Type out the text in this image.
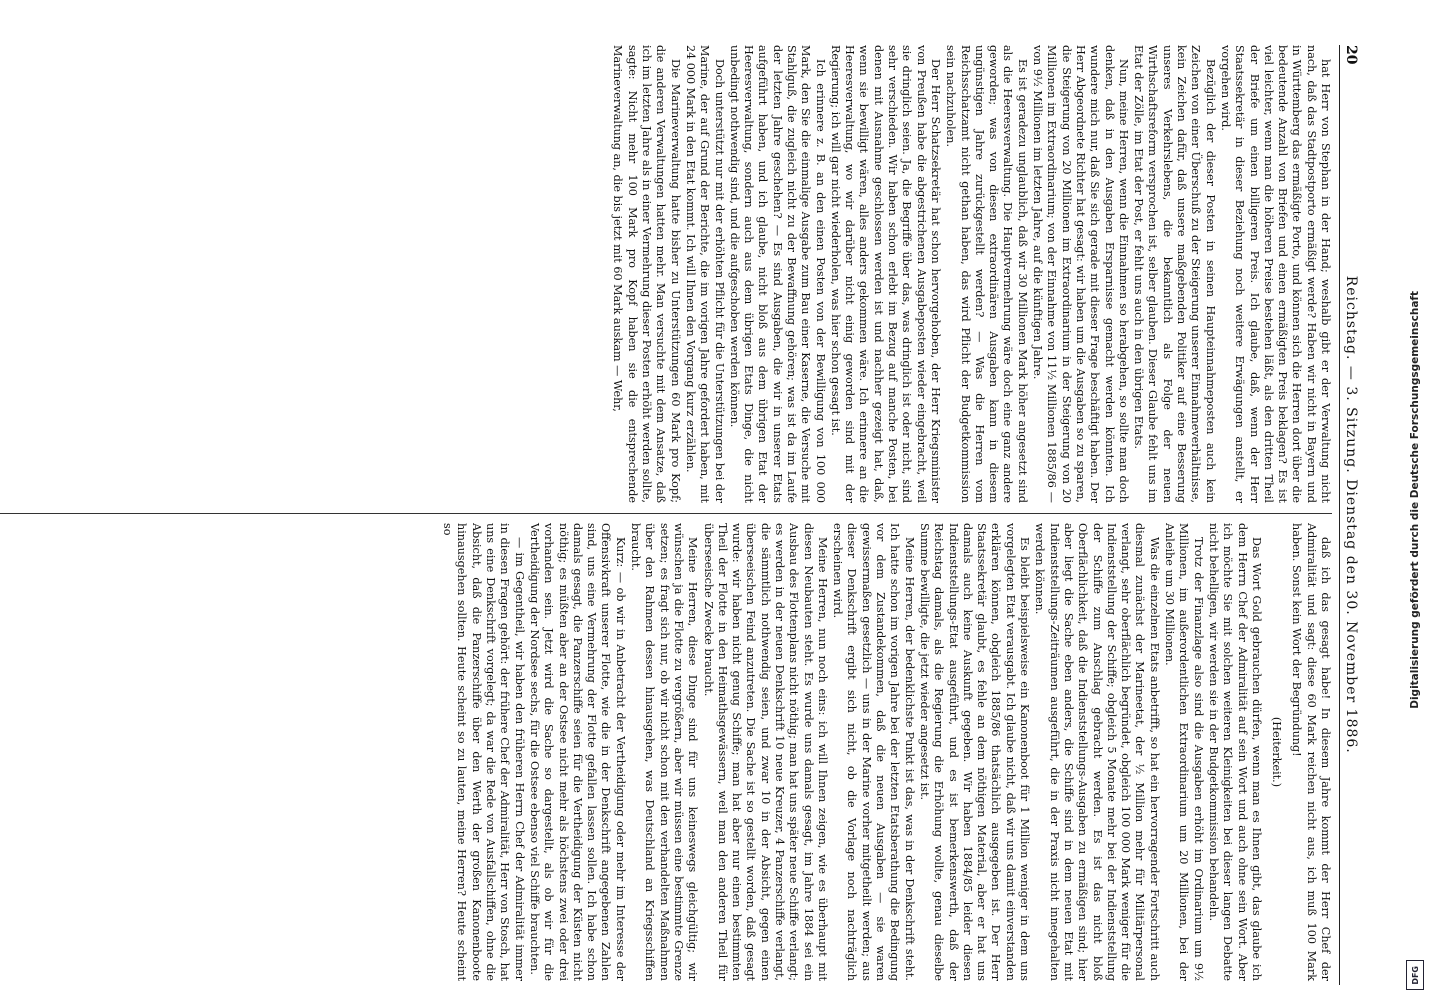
20
Reichstag. — 3. Sitzung. Dienstag den 30. November 1886.

hat Herr von Stephan in der Hand; weshalb gibt er der Verwaltung nicht nach, daß das Stadtpostporto ermäßigt werde? Haben wir nicht in Bayern und in Württemberg das ermäßigte Porto, und können sich die Herren dort über die bedeutende Anzahl von Briefen und einen ermäßigten Preis beklagen? Es ist viel leichter, wenn man die höheren Preise bestehen läßt, als den dritten Theil der Briefe um einen billigeren Preis. Ich glaube, daß, wenn der Herr Staatssekretär in dieser Beziehung noch weitere Erwägungen anstellt, er vorgehen wird.

Bezüglich der dieser Posten in seinen Haupteinnahmeposten auch kein Zeichen von einer Überschuß zu der Steigerung unserer Einnahmeverhältnisse, kein Zeichen dafür, daß unsere maßgebenden Politiker auf eine Besserung unseres Verkehrslebens, die bekanntlich als Folge der neuen Wirthschaftsreform versprochen ist, selber glauben. Dieser Glaube fehlt uns im Etat der Zölle, im Etat der Post, er fehlt uns auch in den übrigen Etats.

Nun, meine Herren, wenn die Einnahmen so herabgehen, so sollte man doch denken, daß in den Ausgaben Ersparnisse gemacht werden könnten. Ich wundere mich nur, daß Sie sich gerade mit dieser Frage beschäftigt haben. Der Herr Abgeordnete Richter hat gesagt: wir haben um die Ausgaben so zu sparen, die Steigerung von 20 Millionen im Extraordinarium in der Steigerung von 20 Millionen im Extraordinarium; von der Einnahme von 11½ Millionen 1885/86 — von 9½ Millionen im letzten Jahre, auf die künftigen Jahre.

Es ist geradezu unglaublich, daß wir 30 Millionen Mark höher angesetzt sind als die Heeresverwaltung. Die Hauptvermehrung wäre doch eine ganz andere geworden; was von diesen extraordinären Ausgaben kann in diesem ungünstigen Jahre zurückgestellt werden? — Was die Herren vom Reichsschatzamt nicht gethan haben, das wird Pflicht der Budgetkommission sein nachzuholen.

Der Herr Schatzsekretär hat schon hervorgehoben, der Herr Kriegsminister von Preußen habe die abgestrichenen Ausgabeposten wieder eingebracht, weil sie dringlich seien. Ja, die Begriffe über das, was dringlich ist oder nicht, sind sehr verschieden. Wir haben schon erlebt im Bezug auf manche Posten, bei denen mit Ausnahme geschlossen werden ist und nachher gezeigt hat, daß, wenn sie bewilligt wären, alles anders gekommen wäre. Ich erinnere an die Heeresverwaltung, wo wir darüber nicht einig geworden sind mit der Regierung; ich will gar nicht wiederholen, was hier schon gesagt ist.

Ich erinnere z. B. an den einen Posten von der Bewilligung von 100 000 Mark, den Sie die einmalige Ausgabe zum Bau einer Kaserne, die Versuche mit Stahlguß, die zugleich nicht zu der Bewaffnung gehören; was ist da im Laufe der letzten Jahre geschehen? — Es sind Ausgaben, die wir in unserer Etats aufgeführt haben, und ich glaube, nicht bloß aus dem übrigen Etat der Heeresverwaltung, sondern auch aus dem übrigen Etats Dinge, die nicht unbedingt nothwendig sind, und die aufgeschoben werden können.

Doch unterstützt nur mit der erhöhten Pflicht für die Unterstützungen bei der Marine, der auf Grund der Berichte, die im vorigen Jahre gefordert haben, mit 24 000 Mark in den Etat kommt. Ich will Ihnen den Vorgang kurz erzählen.

Die Marineverwaltung hatte bisher zu Unterstützungen 60 Mark pro Kopf; die anderen Verwaltungen hatten mehr. Man versuchte mit dem Ansatze, daß ich im letzten Jahre als in einer Vermehrung dieser Posten erhöht werden sollte, sagte: Nicht mehr 100 Mark pro Kopf haben sie die entsprechende Marineverwaltung an, die bis jetzt mit 60 Mark auskam — Wehr,

daß ich das gesagt habe! In diesem Jahre kommt der Herr Chef der Admiralität und sagt: diese 60 Mark reichen nicht aus, ich muß 100 Mark haben. Sonst kein Wort der Begründung!

(Heiterkeit.)

Das Wort Gold gebrauchen dürfen, wenn man es Ihnen gibt, das glaube ich dem Herrn Chef der Admiralität auf sein Wort und auch ohne sein Wort. Aber ich möchte Sie mit solchen weiteren Kleinigkeiten bei dieser langen Debatte nicht behelligen, wir werden sie in der Budgetkommission behandeln.

Trotz der Finanzlage also sind die Ausgaben erhöht im Ordinarium um 9½ Millionen, im außerordentlichen Extraordinarium um 20 Millionen, bei der Anleihe um 30 Millionen.

Was die einzelnen Etats anbetrifft, so hat ein hervorragender Fortschritt auch diesmal zunächst der Marineetat, der ½ Million mehr für Militärpersonal verlangt, sehr oberflächlich begründet, obgleich 100 000 Mark weniger für die Indienststellung der Schiffe; obgleich 5 Monate mehr bei der Indienststellung der Schiffe zum Anschlag gebracht werden. Es ist das nicht bloß Oberflächlichkeit, daß die Indienststellungs-Ausgaben zu ermäßigen sind; hier aber liegt die Sache eben anders, die Schiffe sind in dem neuen Etat mit Indienststellungs-Zeiträumen ausgeführt, die in der Praxis nicht innegehalten werden können.

Es bleibt beispielsweise ein Kanonenboot für 1 Million weniger in dem uns vorgelegten Etat verausgabt. Ich glaube nicht, daß wir uns damit einverstanden erklären können, obgleich 1885/86 thatsächlich ausgegeben ist. Der Herr Staatssekretär glaubt, es fehle an dem nöthigen Material, aber er hat uns damals auch keine Auskunft gegeben. Wir haben 1884/85 leider diesen Indienststellungs-Etat ausgeführt, und es ist bemerkenswerth, daß der Reichstag damals, als die Regierung die Erhöhung wollte, genau dieselbe Summe bewilligte, die jetzt wieder angesetzt ist.

Meine Herren, der bedenklichste Punkt ist das, was in der Denkschrift steht. Ich hatte schon im vorigen Jahre bei der letzten Etatsberathung die Bedingung vor dem Zustandekommen, daß die neuen Ausgaben — sie waren gewissermaßen gesetzlich — uns in der Marine vorher mitgetheilt werden; aus dieser Denkschrift ergibt sich nicht, ob die Vorlage noch nachträglich erscheinen wird.

Meine Herren, nun noch eins: ich will Ihnen zeigen, wie es überhaupt mit diesen Neubauten steht. Es wurde uns damals gesagt, im Jahre 1884 sei ein Ausbau des Flottenplans nicht nöthig; man hat uns später neue Schiffe verlangt; es werden in der neuen Denkschrift 10 neue Kreuzer, 4 Panzerschiffe verlangt, die sämmtlich nothwendig seien, und zwar 10 in der Absicht, gegen einen überseeischen Feind anzutreten. Die Sache ist so gestellt worden, daß gesagt wurde: wir haben nicht genug Schiffe; man hat aber nur einen bestimmten Theil der Flotte in den Heimathsgewässern, weil man den anderen Theil für überseeische Zwecke braucht.

Meine Herren, diese Dinge sind für uns keineswegs gleichgültig; wir wünschen ja die Flotte zu vergrößern, aber wir müssen eine bestimmte Grenze setzen; es fragt sich nur, ob wir nicht schon mit den verhandelten Maßnahmen über den Rahmen dessen hinausgehen, was Deutschland an Kriegsschiffen braucht.

Kurz: — ob wir in Anbetracht der Vertheidigung oder mehr im Interesse der Offensivkraft unserer Flotte, wie die in der Denkschrift angegebenen Zahlen sind, uns eine Vermehrung der Flotte gefallen lassen sollen. Ich habe schon damals gesagt, die Panzerschiffe seien für die Vertheidigung der Küsten nicht nöthig; es müßten aber an der Ostsee nicht mehr als höchstens zwei oder drei vorhanden sein. Jetzt wird die Sache so dargestellt, als ob wir für die Vertheidigung der Nordsee sechs, für die Ostsee ebenso viel Schiffe brauchten.

— im Gegentheil, wir haben den früheren Herrn Chef der Admiralität immer in diesen Fragen gehört: der frühere Chef der Admiralität, Herr von Stosch, hat uns eine Denkschrift vorgelegt; da war die Rede von Ausfallschiffen, ohne die Absicht, daß die Panzerschiffe über den Werth der großen Kanonenboote hinausgehen sollten. Heute scheint so zu lauten, meine Herren? Heute scheint so	Digitalisierung gefördert durch die Deutsche Forschungsgemeinschaft
DFG
